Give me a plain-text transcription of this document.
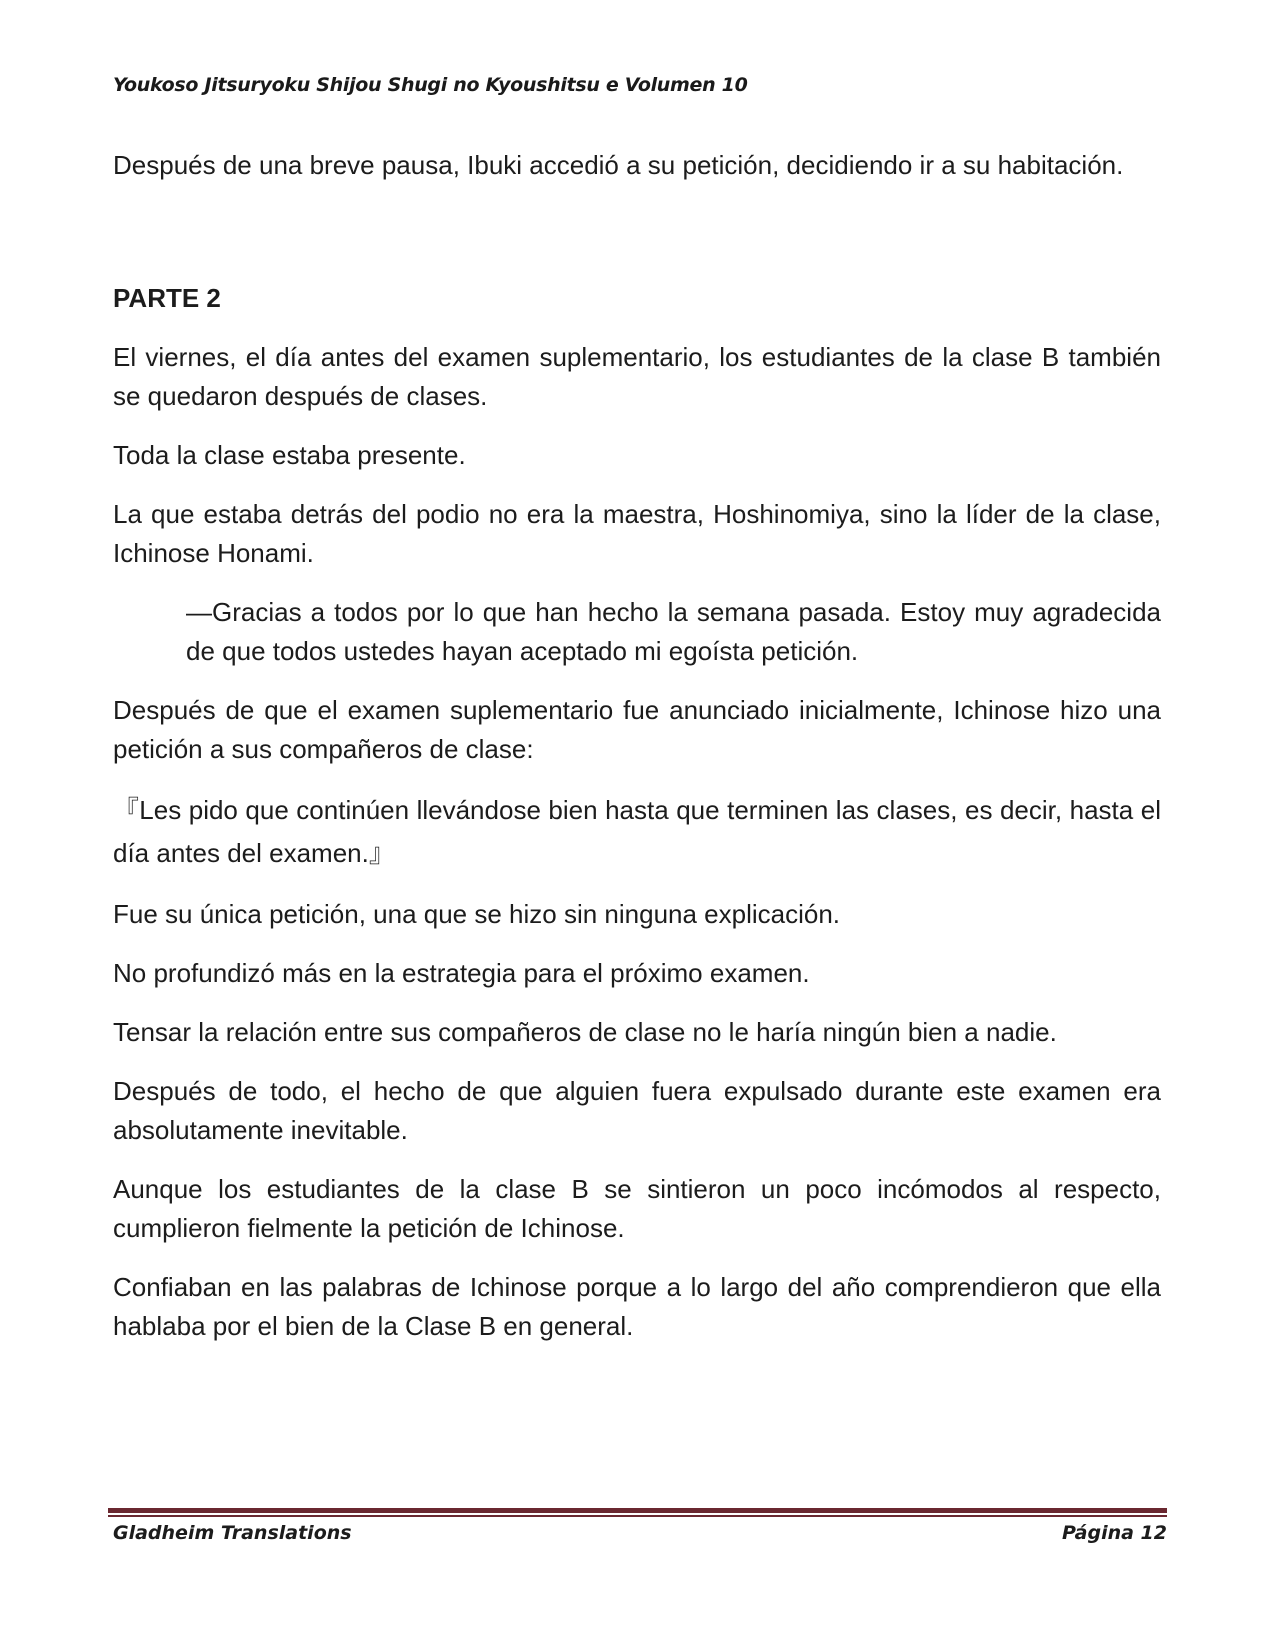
Youkoso Jitsuryoku Shijou Shugi no Kyoushitsu e Volumen 10

Después de una breve pausa, Ibuki accedió a su petición, decidiendo ir a su habitación.

PARTE 2

El viernes, el día antes del examen suplementario, los estudiantes de la clase B también se quedaron después de clases.

Toda la clase estaba presente.

La que estaba detrás del podio no era la maestra, Hoshinomiya, sino la líder de la clase, Ichinose Honami.

—Gracias a todos por lo que han hecho la semana pasada. Estoy muy agradecida de que todos ustedes hayan aceptado mi egoísta petición.

Después de que el examen suplementario fue anunciado inicialmente, Ichinose hizo una petición a sus compañeros de clase:

『Les pido que continúen llevándose bien hasta que terminen las clases, es decir, hasta el día antes del examen.』

Fue su única petición, una que se hizo sin ninguna explicación.

No profundizó más en la estrategia para el próximo examen.

Tensar la relación entre sus compañeros de clase no le haría ningún bien a nadie.

Después de todo, el hecho de que alguien fuera expulsado durante este examen era absolutamente inevitable.

Aunque los estudiantes de la clase B se sintieron un poco incómodos al respecto, cumplieron fielmente la petición de Ichinose.

Confiaban en las palabras de Ichinose porque a lo largo del año comprendieron que ella hablaba por el bien de la Clase B en general.

Gladheim Translations	Página 12
